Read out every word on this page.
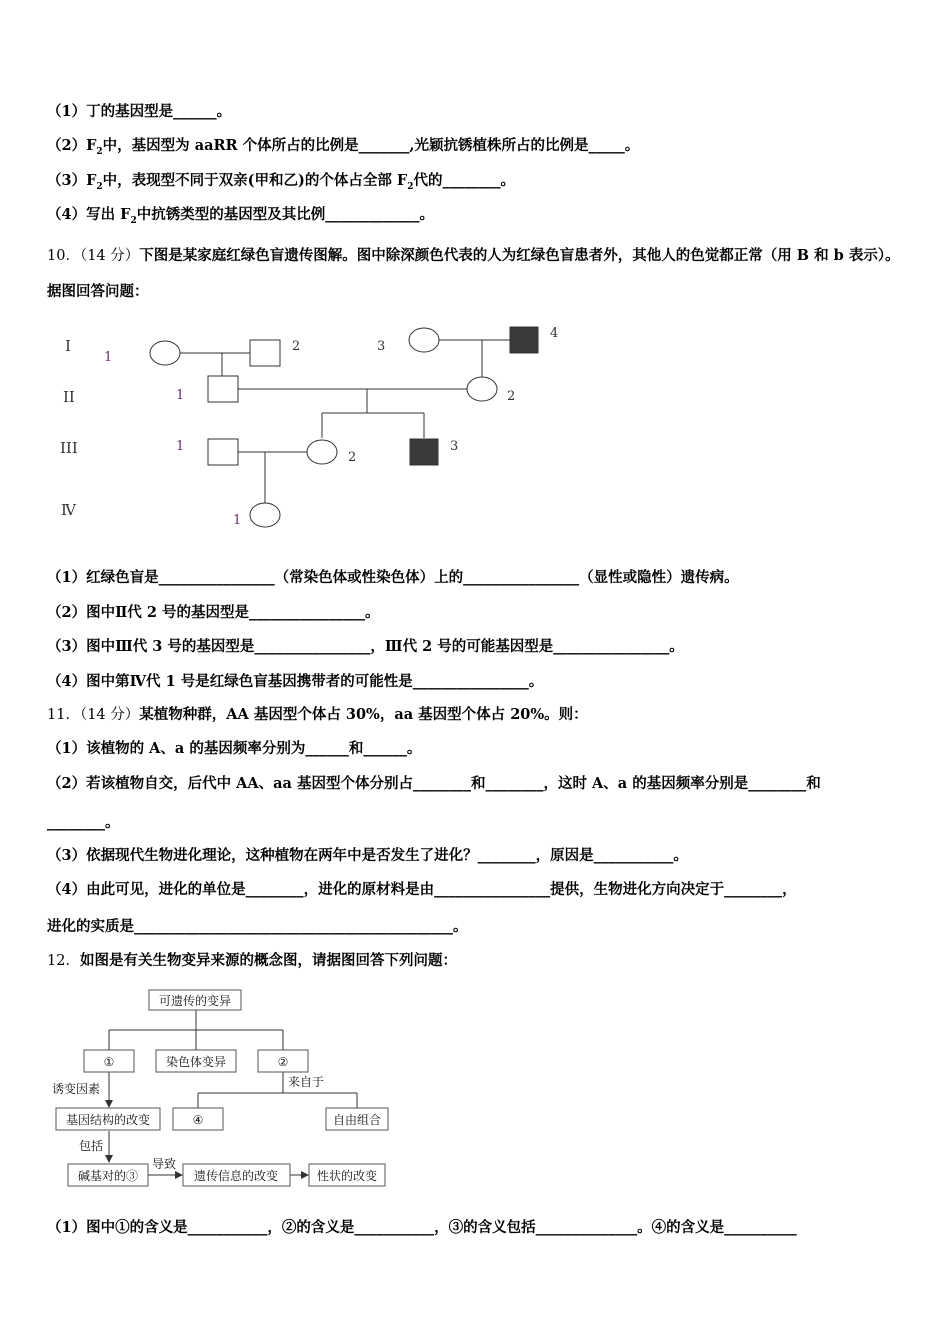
（1）丁的基因型是______。
$(2)F_2$中，基因型为 aaRR 个体所占的比例是_______,光颖抗锈植株所占的比例是_____。
$(3)F_2$中，表现型不同于双亲(甲和乙)的个体占全部 $F_2$代的________。
（4）写出 $F_2$中抗锈类型的基因型及其比例_____________。
10．（14 分）下图是某家庭红绿色盲遗传图解。图中除深颜色代表的人为红绿色盲患者外，其他人的色觉都正常（用 B 和 b 表示）。据图回答问题：
I
II
III
Ⅳ
1
2	3
4
1	2
1
2
3
1
（1）红绿色盲是________________（常染色体或性染色体）上的________________（显性或隐性）遗传病。
（2）图中Ⅱ代 2 号的基因型是________________。
（3）图中Ⅲ代 3 号的基因型是________________，Ⅲ代 2 号的可能基因型是________________。
（4）图中第Ⅳ代 1 号是红绿色盲基因携带者的可能性是________________。
11．（14 分）某植物种群，AA 基因型个体占 30%，aa 基因型个体占 20%。则：
（1）该植物的 A、a 的基因频率分别为______和______。
（2）若该植物自交，后代中 AA、aa 基因型个体分别占________和________，这时 A、a 的基因频率分别是________和
________。
（3）依据现代生物进化理论，这种植物在两年中是否发生了进化？________，原因是___________。
（4）由此可见，进化的单位是________，进化的原材料是由________________提供，生物进化方向决定于________，
进化的实质是____________________________________________。
12．如图是有关生物变异来源的概念图，请据图回答下列问题：
可遗传的变异
①	染色体变异	②
④	自由组合
基因结构的改变
碱基对的③	遗传信息的改变	性状的改变
来自于
诱变因素
包括
导致
（1）图中①的含义是___________，②的含义是___________，③的含义包括______________。④的含义是__________
